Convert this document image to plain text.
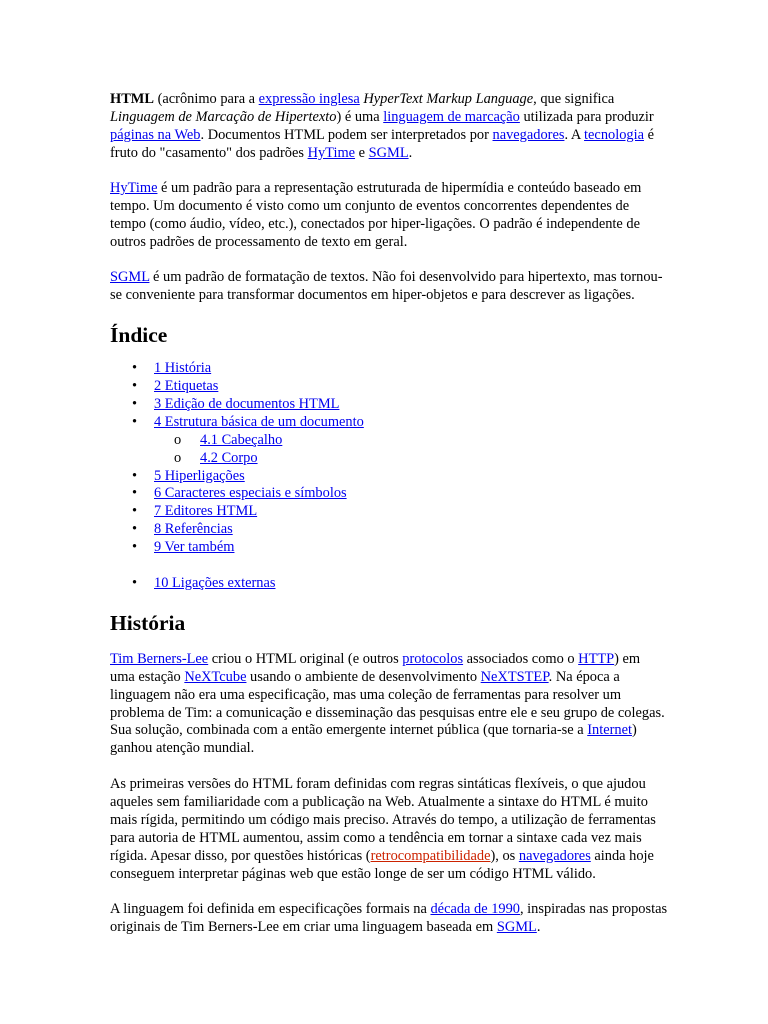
HTML (acrônimo para a expressão inglesa HyperText Markup Language, que significa Linguagem de Marcação de Hipertexto) é uma linguagem de marcação utilizada para produzir páginas na Web. Documentos HTML podem ser interpretados por navegadores. A tecnologia é fruto do "casamento" dos padrões HyTime e SGML.

HyTime é um padrão para a representação estruturada de hipermídia e conteúdo baseado em tempo. Um documento é visto como um conjunto de eventos concorrentes dependentes de tempo (como áudio, vídeo, etc.), conectados por hiper-ligações. O padrão é independente de outros padrões de processamento de texto em geral.

SGML é um padrão de formatação de textos. Não foi desenvolvido para hipertexto, mas tornou-se conveniente para transformar documentos em hiper-objetos e para descrever as ligações.

Índice
• 1 História
• 2 Etiquetas
• 3 Edição de documentos HTML
• 4 Estrutura básica de um documento
o 4.1 Cabeçalho
o 4.2 Corpo
• 5 Hiperligações
• 6 Caracteres especiais e símbolos
• 7 Editores HTML
• 8 Referências
• 9 Ver também
• 10 Ligações externas
História

Tim Berners-Lee criou o HTML original (e outros protocolos associados como o HTTP) em uma estação NeXTcube usando o ambiente de desenvolvimento NeXTSTEP. Na época a linguagem não era uma especificação, mas uma coleção de ferramentas para resolver um problema de Tim: a comunicação e disseminação das pesquisas entre ele e seu grupo de colegas. Sua solução, combinada com a então emergente internet pública (que tornaria-se a Internet) ganhou atenção mundial.

As primeiras versões do HTML foram definidas com regras sintáticas flexíveis, o que ajudou aqueles sem familiaridade com a publicação na Web. Atualmente a sintaxe do HTML é muito mais rígida, permitindo um código mais preciso. Através do tempo, a utilização de ferramentas para autoria de HTML aumentou, assim como a tendência em tornar a sintaxe cada vez mais rígida. Apesar disso, por questões históricas (retrocompatibilidade), os navegadores ainda hoje conseguem interpretar páginas web que estão longe de ser um código HTML válido.

A linguagem foi definida em especificações formais na década de 1990, inspiradas nas propostas originais de Tim Berners-Lee em criar uma linguagem baseada em SGML.
